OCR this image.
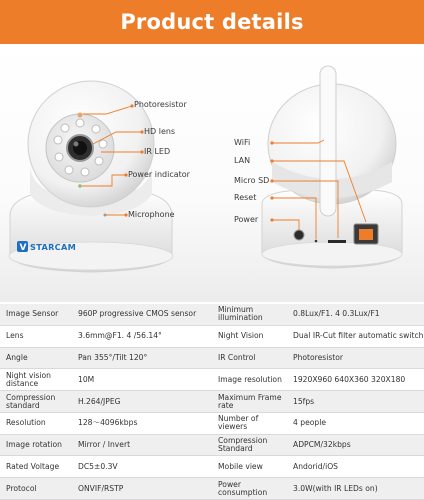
Product details
V STARCAM
Photoresistor
HD lens
IR LED
Power indicator
Microphone
WiFi
LAN
Micro SD
Reset
Power
Image Sensor	960P progressive CMOS sensor	Minimum illumination	0.8Lux/F1. 4 0.3Lux/F1
Lens	3.6mm@F1. 4 /56.14°	Night Vision	Dual IR-Cut filter automatic switch
Angle	Pan 355°/Tilt 120°	IR Control	Photoresistor
Night vision distance	10M	Image resolution	1920X960 640X360 320X180
Compression standard	H.264/JPEG	Maximum Frame rate	15fps
Resolution	128～4096kbps	Number of viewers	4 people
Image rotation	Mirror / Invert	Compression Standard	ADPCM/32kbps
Rated Voltage	DC5±0.3V	Mobile view	Andorid/iOS
Protocol	ONVIF/RSTP	Power consumption	3.0W(with IR LEDs on)
